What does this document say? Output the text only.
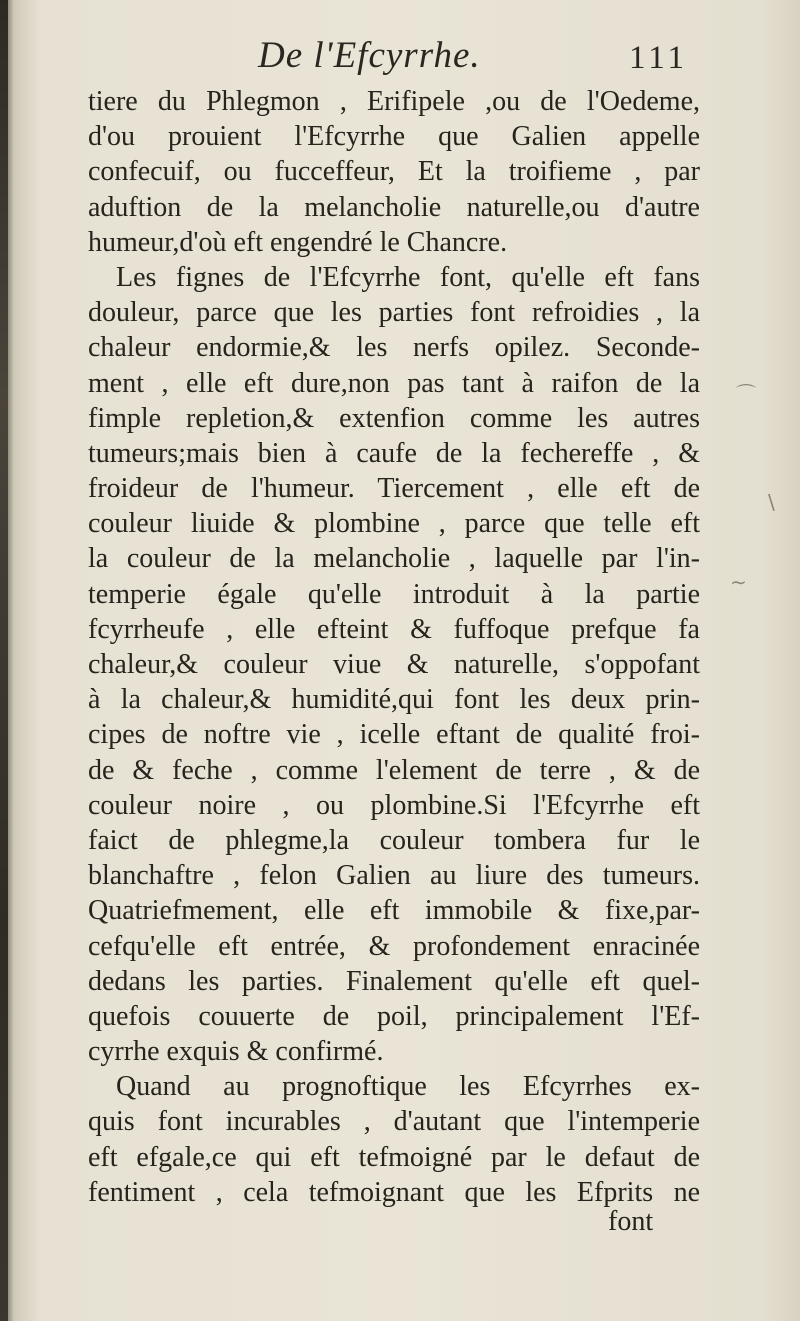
De l'Efcyrrhe.	111
tiere du Phlegmon , Erifipele ,ou de l'Oedeme,
d'ou prouient l'Efcyrrhe que Galien appelle
confecuif, ou fucceffeur, Et la troifieme , par
aduftion de la melancholie naturelle,ou d'autre
humeur,d'où eft engendré le Chancre.
Les fignes de l'Efcyrrhe font, qu'elle eft fans
douleur, parce que les parties font refroidies , la
chaleur endormie,& les nerfs opilez. Seconde-
ment , elle eft dure,non pas tant à raifon de la
fimple repletion,& extenfion comme les autres
tumeurs;mais bien à caufe de la fechereffe , &
froideur de l'humeur. Tiercement , elle eft de
couleur liuide & plombine , parce que telle eft
la couleur de la melancholie , laquelle par l'in-
temperie égale qu'elle introduit à la partie
fcyrrheufe , elle efteint & fuffoque prefque fa
chaleur,& couleur viue & naturelle, s'oppofant
à la chaleur,& humidité,qui font les deux prin-
cipes de noftre vie , icelle eftant de qualité froi-
de & feche , comme l'element de terre , & de
couleur noire , ou plombine.Si l'Efcyrrhe eft
faict de phlegme,la couleur tombera fur le
blanchaftre , felon Galien au liure des tumeurs.
Quatriefmement, elle eft immobile & fixe,par-
cefqu'elle eft entrée, & profondement enracinée
dedans les parties. Finalement qu'elle eft quel-
quefois couuerte de poil, principalement l'Ef-
cyrrhe exquis & confirmé.
Quand au prognoftique les Efcyrrhes ex-
quis font incurables , d'autant que l'intemperie
eft efgale,ce qui eft tefmoigné par le defaut de
fentiment , cela tefmoignant que les Efprits ne
font
⌒
∼
\
